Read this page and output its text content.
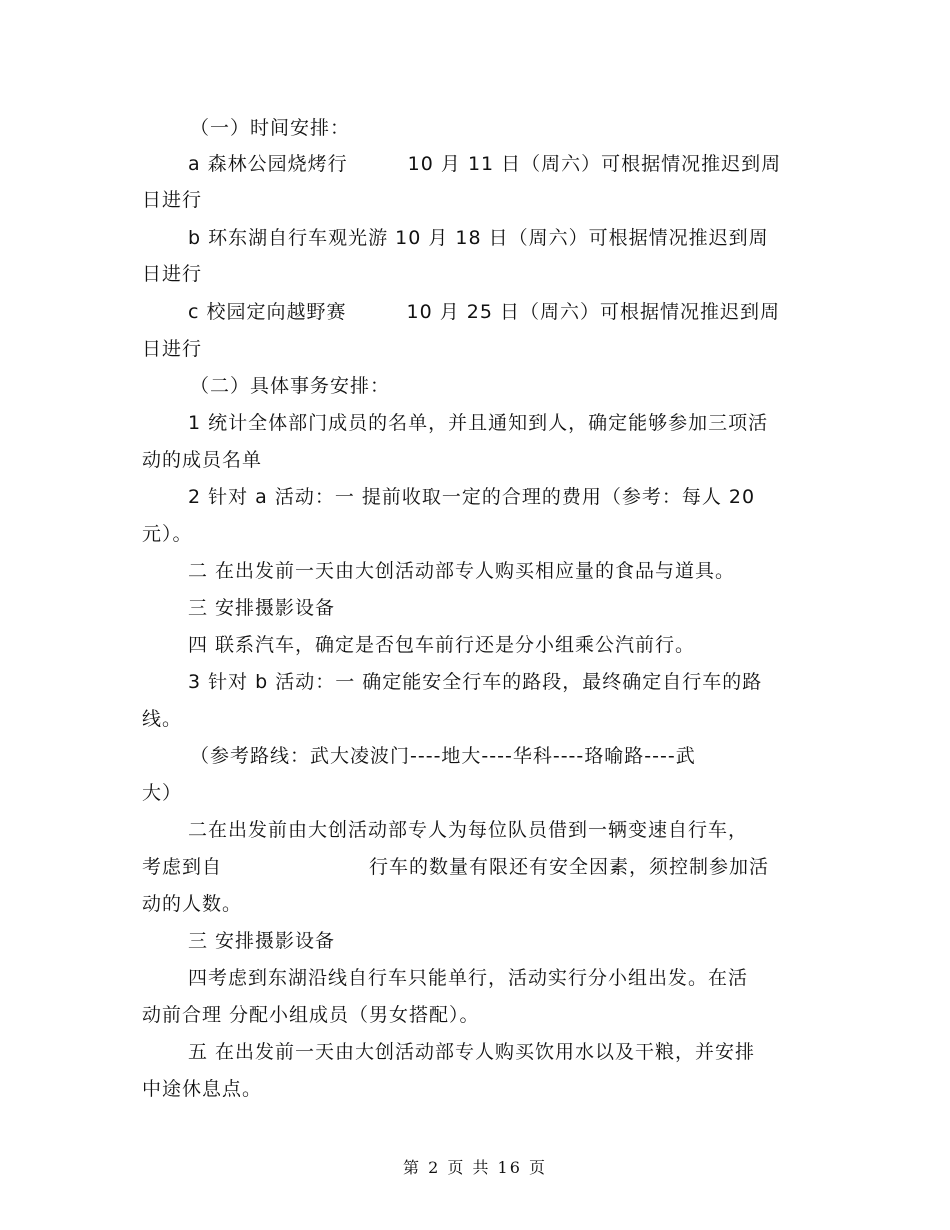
（一）时间安排：
a 森林公园烧烤行　　　10 月 11 日（周六）可根据情况推迟到周
日进行
b 环东湖自行车观光游 10 月 18 日（周六）可根据情况推迟到周
日进行
c 校园定向越野赛　　　10 月 25 日（周六）可根据情况推迟到周
日进行
（二）具体事务安排：
1 统计全体部门成员的名单，并且通知到人，确定能够参加三项活
动的成员名单
2 针对 a 活动：一 提前收取一定的合理的费用（参考：每人 20
元）。
二 在出发前一天由大创活动部专人购买相应量的食品与道具。
三 安排摄影设备
四 联系汽车，确定是否包车前行还是分小组乘公汽前行。
3 针对 b 活动：一 确定能安全行车的路段，最终确定自行车的路
线。
（参考路线：武大凌波门----地大----华科----珞喻路----武
大）
二在出发前由大创活动部专人为每位队员借到一辆变速自行车，
考虑到自　　　　　　　 行车的数量有限还有安全因素，须控制参加活
动的人数。
三 安排摄影设备
四考虑到东湖沿线自行车只能单行，活动实行分小组出发。在活
动前合理 分配小组成员（男女搭配）。
五 在出发前一天由大创活动部专人购买饮用水以及干粮，并安排
中途休息点。
第 2 页 共 16 页
